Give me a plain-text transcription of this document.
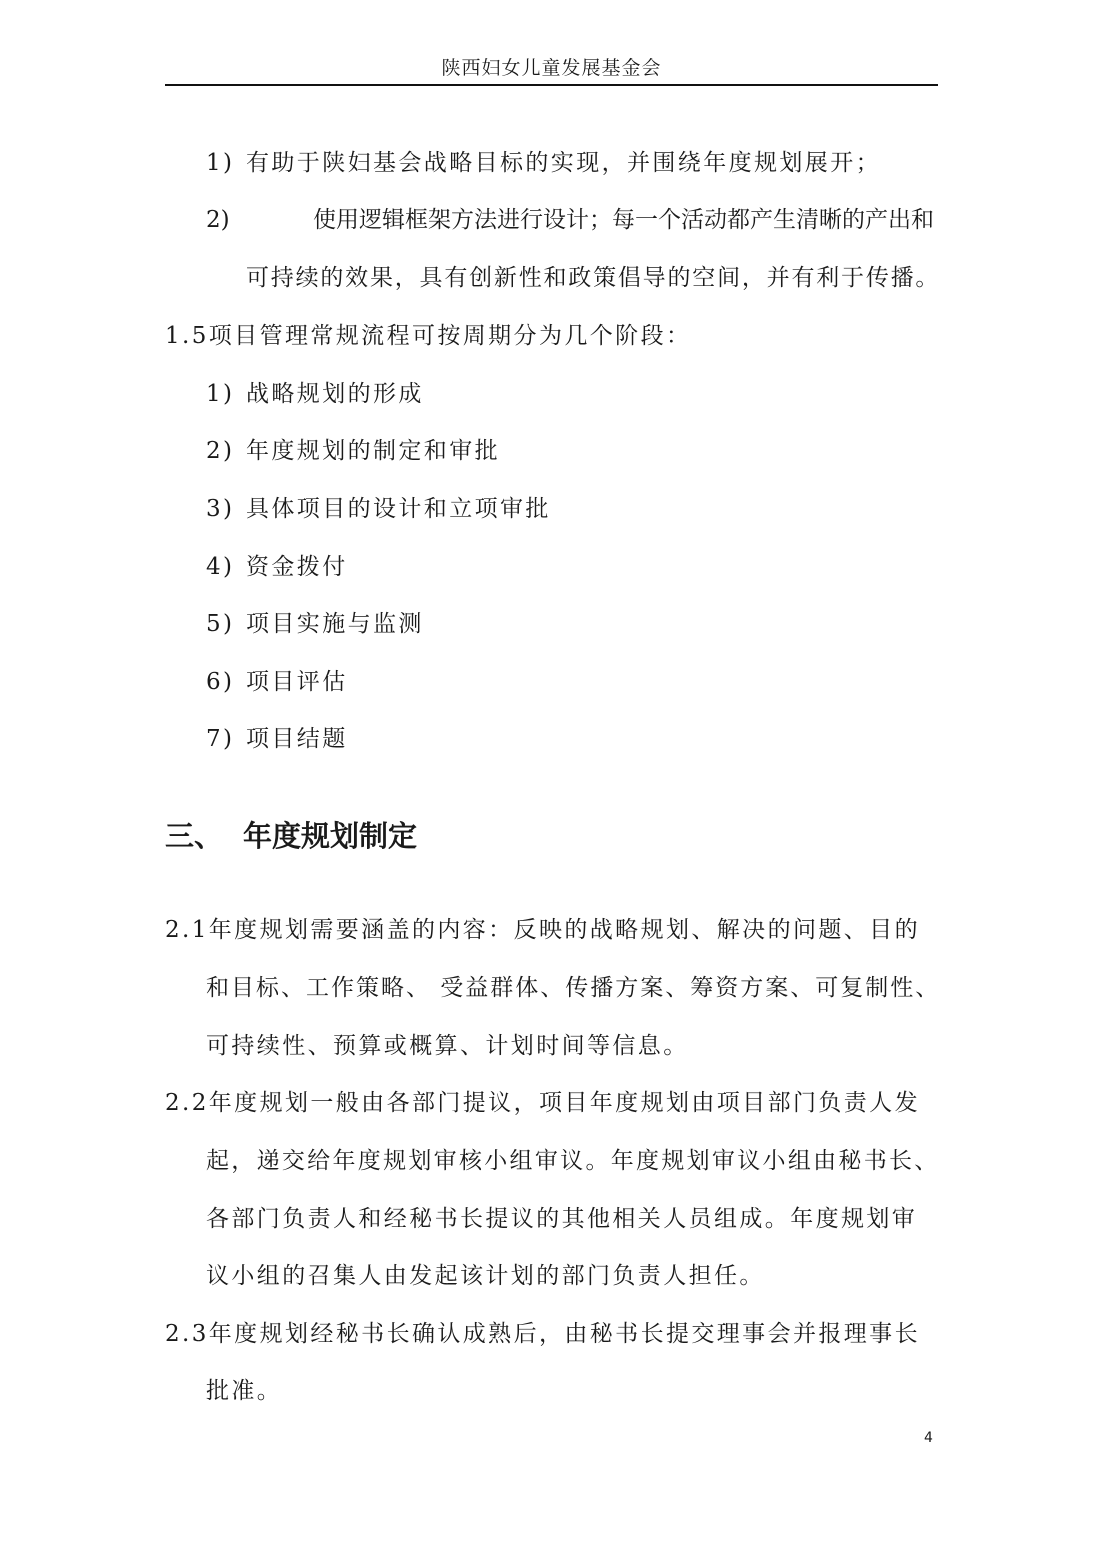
陕西妇女儿童发展基金会
1) 有助于陕妇基会战略目标的实现，并围绕年度规划展开；
2)	使用逻辑框架方法进行设计；每一个活动都产生清晰的产出和
可持续的效果，具有创新性和政策倡导的空间，并有利于传播。
1.5项目管理常规流程可按周期分为几个阶段：
1) 战略规划的形成
2) 年度规划的制定和审批
3) 具体项目的设计和立项审批
4) 资金拨付
5) 项目实施与监测
6) 项目评估
7) 项目结题
三、 年度规划制定
2.1年度规划需要涵盖的内容：反映的战略规划、解决的问题、目的
和目标、工作策略、 受益群体、传播方案、筹资方案、可复制性、
可持续性、预算或概算、计划时间等信息。
2.2年度规划一般由各部门提议，项目年度规划由项目部门负责人发
起，递交给年度规划审核小组审议。年度规划审议小组由秘书长、
各部门负责人和经秘书长提议的其他相关人员组成。年度规划审
议小组的召集人由发起该计划的部门负责人担任。
2.3年度规划经秘书长确认成熟后，由秘书长提交理事会并报理事长
批准。
4
